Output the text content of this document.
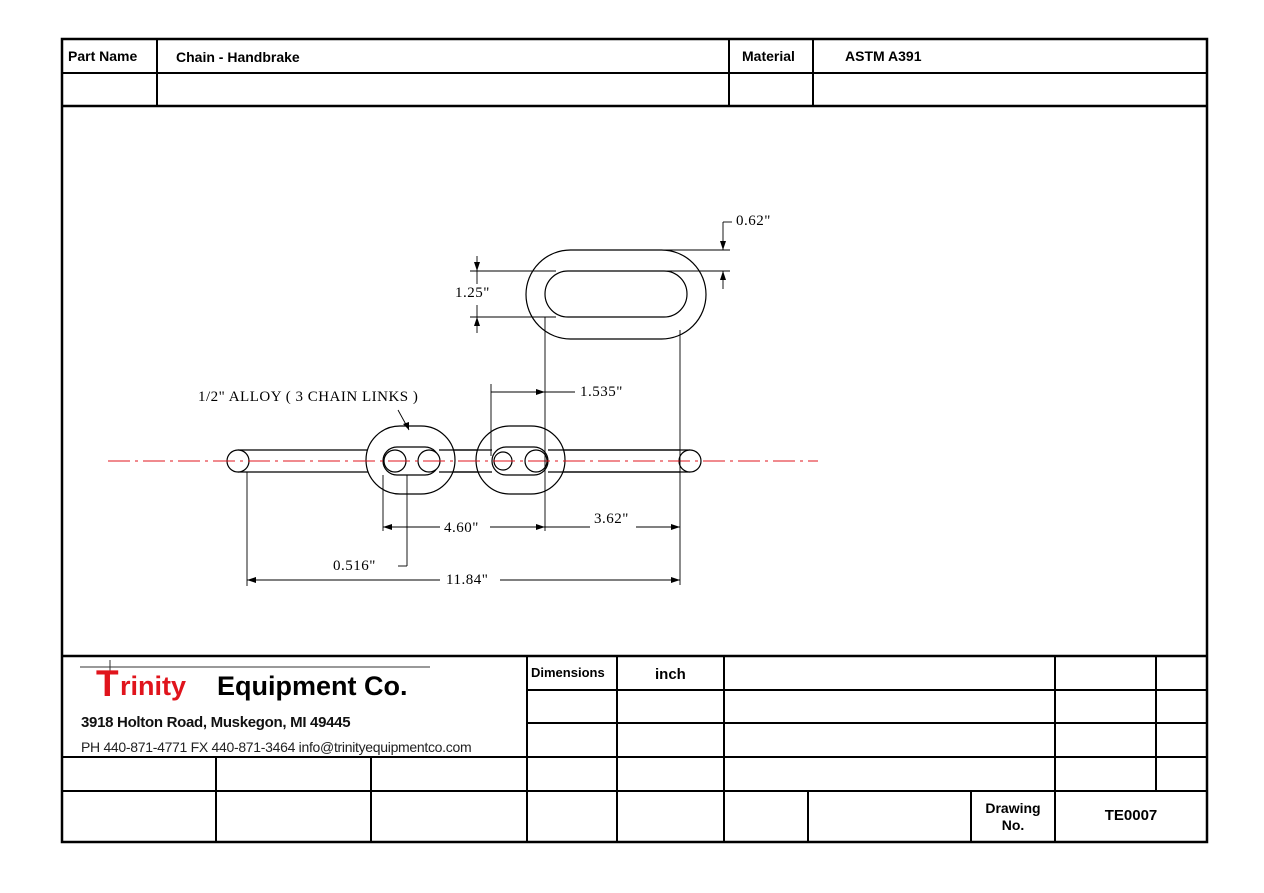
Part Name	Chain - Handbrake	Material	ASTM A391
0.62"
1.25"
1/2" ALLOY ( 3 CHAIN LINKS )	1.535"
4.60"
3.62"
0.516"
11.84"
T rinity Equipment Co.
3918 Holton Road, Muskegon, MI 49445
PH 440-871-4771 FX 440-871-3464 info@trinityequipmentco.com
Dimensions	inch
Drawing
No.
TE0007
